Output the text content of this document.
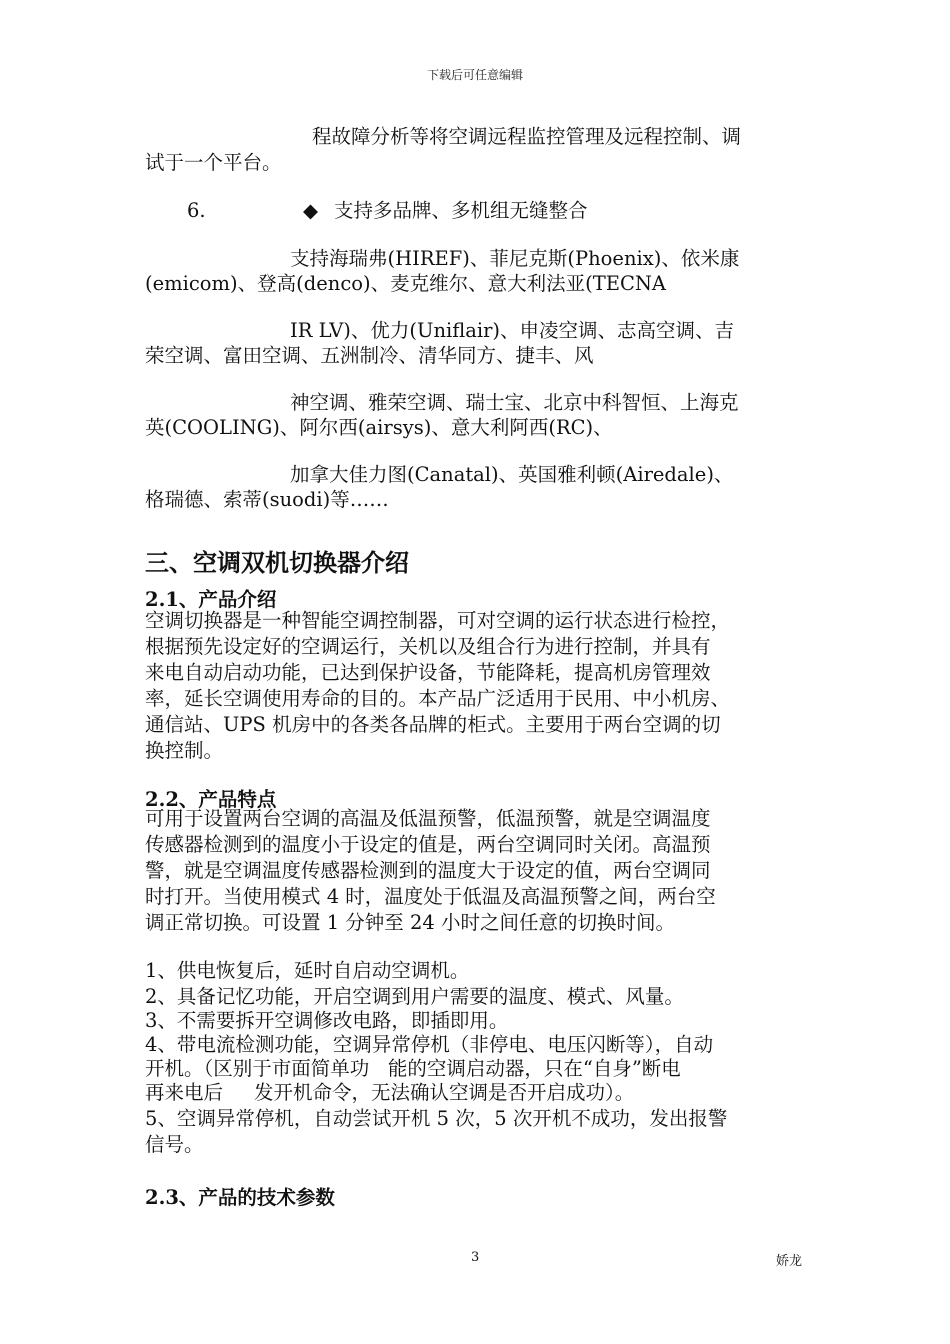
下载后可任意编辑
程故障分析等将空调远程监控管理及远程控制、调
试于一个平台。
6.	◆ 支持多品牌、多机组无缝整合
支持海瑞弗(HIREF)、菲尼克斯(Phoenix)、依米康
(emicom)、登高(denco)、麦克维尔、意大利法亚(TECNA
IR LV)、优力(Uniflair)、申凌空调、志高空调、吉
荣空调、富田空调、五洲制冷、清华同方、捷丰、风
神空调、雅荣空调、瑞士宝、北京中科智恒、上海克
英(COOLING)、阿尔西(airsys)、意大利阿西(RC)、
加拿大佳力图(Canatal)、英国雅利顿(Airedale)、
格瑞德、索蒂(suodi)等……
三、空调双机切换器介绍
2.1、产品介绍
空调切换器是一种智能空调控制器，可对空调的运行状态进行检控，
根据预先设定好的空调运行，关机以及组合行为进行控制，并具有
来电自动启动功能，已达到保护设备，节能降耗，提高机房管理效
率，延长空调使用寿命的目的。本产品广泛适用于民用、中小机房、
通信站、UPS 机房中的各类各品牌的柜式。主要用于两台空调的切
换控制。
2.2、产品特点
可用于设置两台空调的高温及低温预警，低温预警，就是空调温度
传感器检测到的温度小于设定的值是，两台空调同时关闭。高温预
警，就是空调温度传感器检测到的温度大于设定的值，两台空调同
时打开。当使用模式 4 时，温度处于低温及高温预警之间，两台空
调正常切换。可设置 1 分钟至 24 小时之间任意的切换时间。
1、供电恢复后，延时自启动空调机。
2、具备记忆功能，开启空调到用户需要的温度、模式、风量。
3、不需要拆开空调修改电路，即插即用。
4、带电流检测功能，空调异常停机（非停电、电压闪断等），自动
开机。（区别于市面简单功   能的空调启动器，只在“自身”断电
再来电后     发开机命令，无法确认空调是否开启成功）。
5、空调异常停机，自动尝试开机 5 次，5 次开机不成功，发出报警
信号。
2.3、产品的技术参数
3	娇龙
